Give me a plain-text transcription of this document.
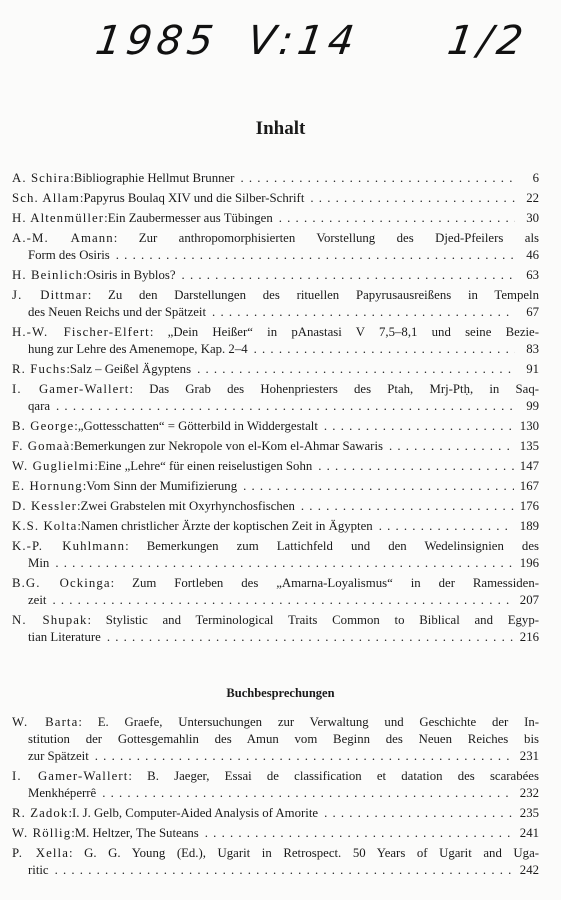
1985 V:14 1/2
Inhalt
A. Schira : Bibliographie Hellmut Brunner . . .	6
Sch. Allam : Papyrus Boulaq XIV und die Silber-Schrift . . .	22
H. Altenmüller : Ein Zaubermesser aus Tübingen . . .	30
A.-M. Amann: Zur anthropomorphisierten Vorstellung des Djed-Pfeilers als
Form des Osiris . . .	46
H. Beinlich : Osiris in Byblos? . . .	63
J. Dittmar: Zu den Darstellungen des rituellen Papyrusausreißens in Tempeln
des Neuen Reichs und der Spätzeit . . .	67
H.-W. Fischer-Elfert: „Dein Heißer“ in pAnastasi V 7,5–8,1 und seine Bezie-
hung zur Lehre des Amenemope, Kap. 2–4 . . .	83
R. Fuchs : Salz – Geißel Ägyptens . . .	91
I. Gamer-Wallert: Das Grab des Hohenpriesters des Ptah, Mrj-Ptḥ, in Saq-
qara . . .	99
B. George : „Gottesschatten“ = Götterbild in Widdergestalt . . .	130
F. Gomaà : Bemerkungen zur Nekropole von el-Kom el-Ahmar Sawaris . . .	135
W. Guglielmi : Eine „Lehre“ für einen reiselustigen Sohn . . .	147
E. Hornung : Vom Sinn der Mumifizierung . . .	167
D. Kessler : Zwei Grabstelen mit Oxyrhynchosfischen . . .	176
K.S. Kolta : Namen christlicher Ärzte der koptischen Zeit in Ägypten . . .	189
K.-P. Kuhlmann: Bemerkungen zum Lattichfeld und den Wedelinsignien des
Min . . .	196
B.G. Ockinga: Zum Fortleben des „Amarna-Loyalismus“ in der Ramessiden-
zeit . . .	207
N. Shupak: Stylistic and Terminological Traits Common to Biblical and Egyp-
tian Literature . . .	216
Buchbesprechungen
W. Barta: E. Graefe, Untersuchungen zur Verwaltung und Geschichte der In-
stitution der Gottesgemahlin des Amun vom Beginn des Neuen Reiches bis
zur Spätzeit . . .	231
I. Gamer-Wallert: B. Jaeger, Essai de classification et datation des scarabées
Menkhéperrê . . .	232
R. Zadok : I. J. Gelb, Computer-Aided Analysis of Amorite . . .	235
W. Röllig : M. Heltzer, The Suteans . . .	241
P. Xella: G. G. Young (Ed.), Ugarit in Retrospect. 50 Years of Ugarit and Uga-
ritic . . .	242
